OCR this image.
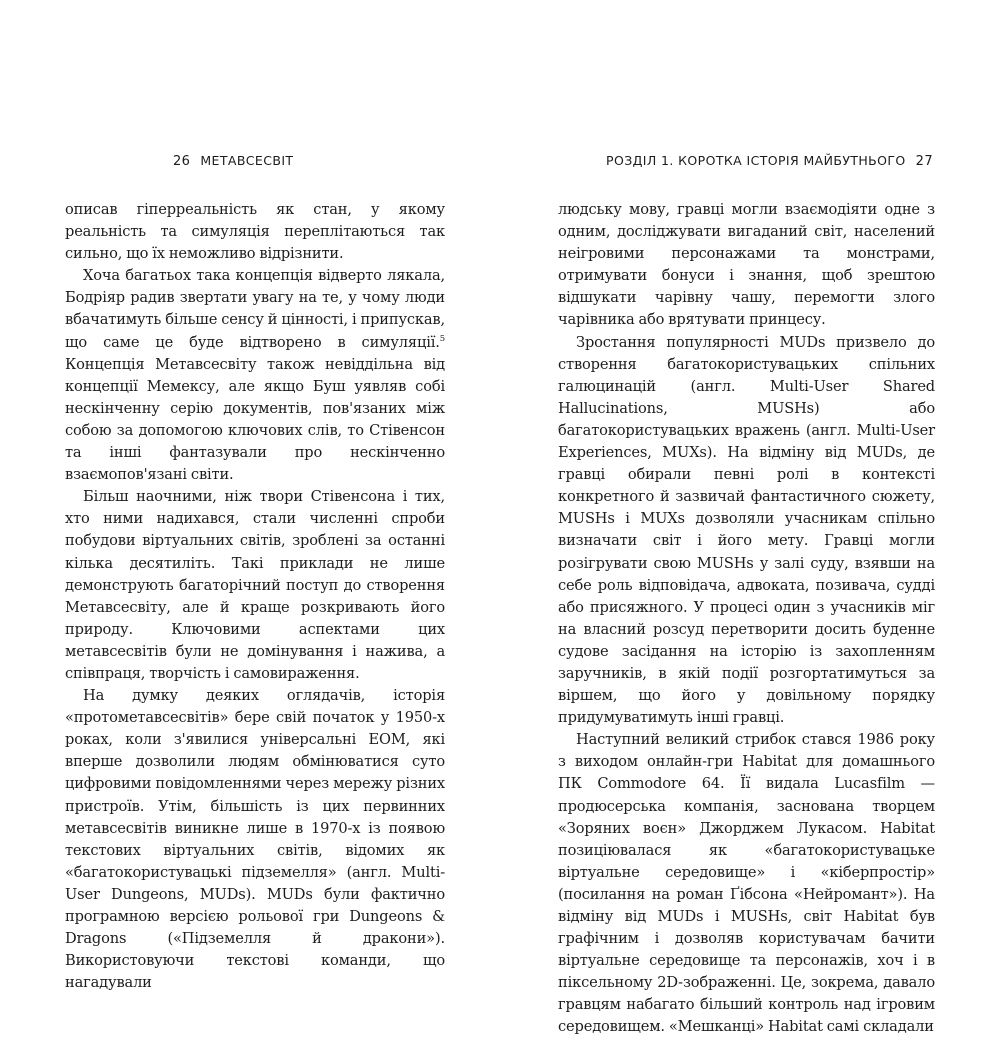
26 МЕТАВСЕСВІТ

описав гіперреальність як стан, у якому реальність та симуляція переплітаються так сильно, що їх неможливо відрізнити.

Хоча багатьох така концепція відверто лякала, Бодріяр радив звертати увагу на те, у чому люди вбачатимуть більше сенсу й цінності, і припускав, що саме це буде відтворено в симуляції.$^5$ Концепція Метавсесвіту також невіддільна від концепції Мемексу, але якщо Буш уявляв собі нескінченну серію документів, пов'язаних між собою за допомогою ключових слів, то Стівенсон та інші фантазували про нескінченно взаємопов'язані світи.

Більш наочними, ніж твори Стівенсона і тих, хто ними надихався, стали численні спроби побудови віртуальних світів, зроблені за останні кілька десятиліть. Такі приклади не лише демонструють багаторічний поступ до створення Метавсесвіту, але й краще розкривають його природу. Ключовими аспектами цих метавсесвітів були не домінування і нажива, а співпраця, творчість і самовираження.

На думку деяких оглядачів, історія «протометавсесвітів» бере свій початок у 1950-х роках, коли з'явилися універсальні ЕОМ, які вперше дозволили людям обмінюватися суто цифровими повідомленнями через мережу різних пристроїв. Утім, більшість із цих первинних метавсесвітів виникне лише в 1970-х із появою текстових віртуальних світів, відомих як «багатокористувацькі підземелля» (англ. Multi-User Dungeons, MUDs). MUDs були фактично програмною версією рольової гри Dungeons & Dragons («Підземелля й дракони»). Використовуючи текстові команди, що нагадували

РОЗДІЛ 1. КОРОТКА ІСТОРІЯ МАЙБУТНЬОГО 27

людську мову, гравці могли взаємодіяти одне з одним, досліджувати вигаданий світ, населений неігровими персонажами та монстрами, отримувати бонуси і знання, щоб зрештою відшукати чарівну чашу, перемогти злого чарівника або врятувати принцесу.

Зростання популярності MUDs призвело до створення багатокористувацьких спільних галюцинацій (англ. Multi-User Shared Hallucinations, MUSHs) або багатокористувацьких вражень (англ. Multi-User Experiences, MUXs). На відміну від MUDs, де гравці обирали певні ролі в контексті конкретного й зазвичай фантастичного сюжету, MUSHs і MUXs дозволяли учасникам спільно визначати світ і його мету. Гравці могли розігрувати свою MUSHs у залі суду, взявши на себе роль відповідача, адвоката, позивача, судді або присяжного. У процесі один з учасників міг на власний розсуд перетворити досить буденне судове засідання на історію із захопленням заручників, в якій події розгортатимуться за віршем, що його у довільному порядку придумуватимуть інші гравці.

Наступний великий стрибок стався 1986 року з виходом онлайн-гри Habitat для домашнього ПК Commodore 64. Її видала Lucasfilm — продюсерська компанія, заснована творцем «Зоряних воєн» Джорджем Лукасом. Habitat позиціювалася як «багатокористувацьке віртуальне середовище» і «кіберпростір» (посилання на роман Ґібсона «Нейромант»). На відміну від MUDs і MUSHs, світ Habitat був графічним і дозволяв користувачам бачити віртуальне середовище та персонажів, хоч і в піксельному 2D-зображенні. Це, зокрема, давало гравцям набагато більший контроль над ігровим середовищем. «Мешканці» Habitat самі складали
